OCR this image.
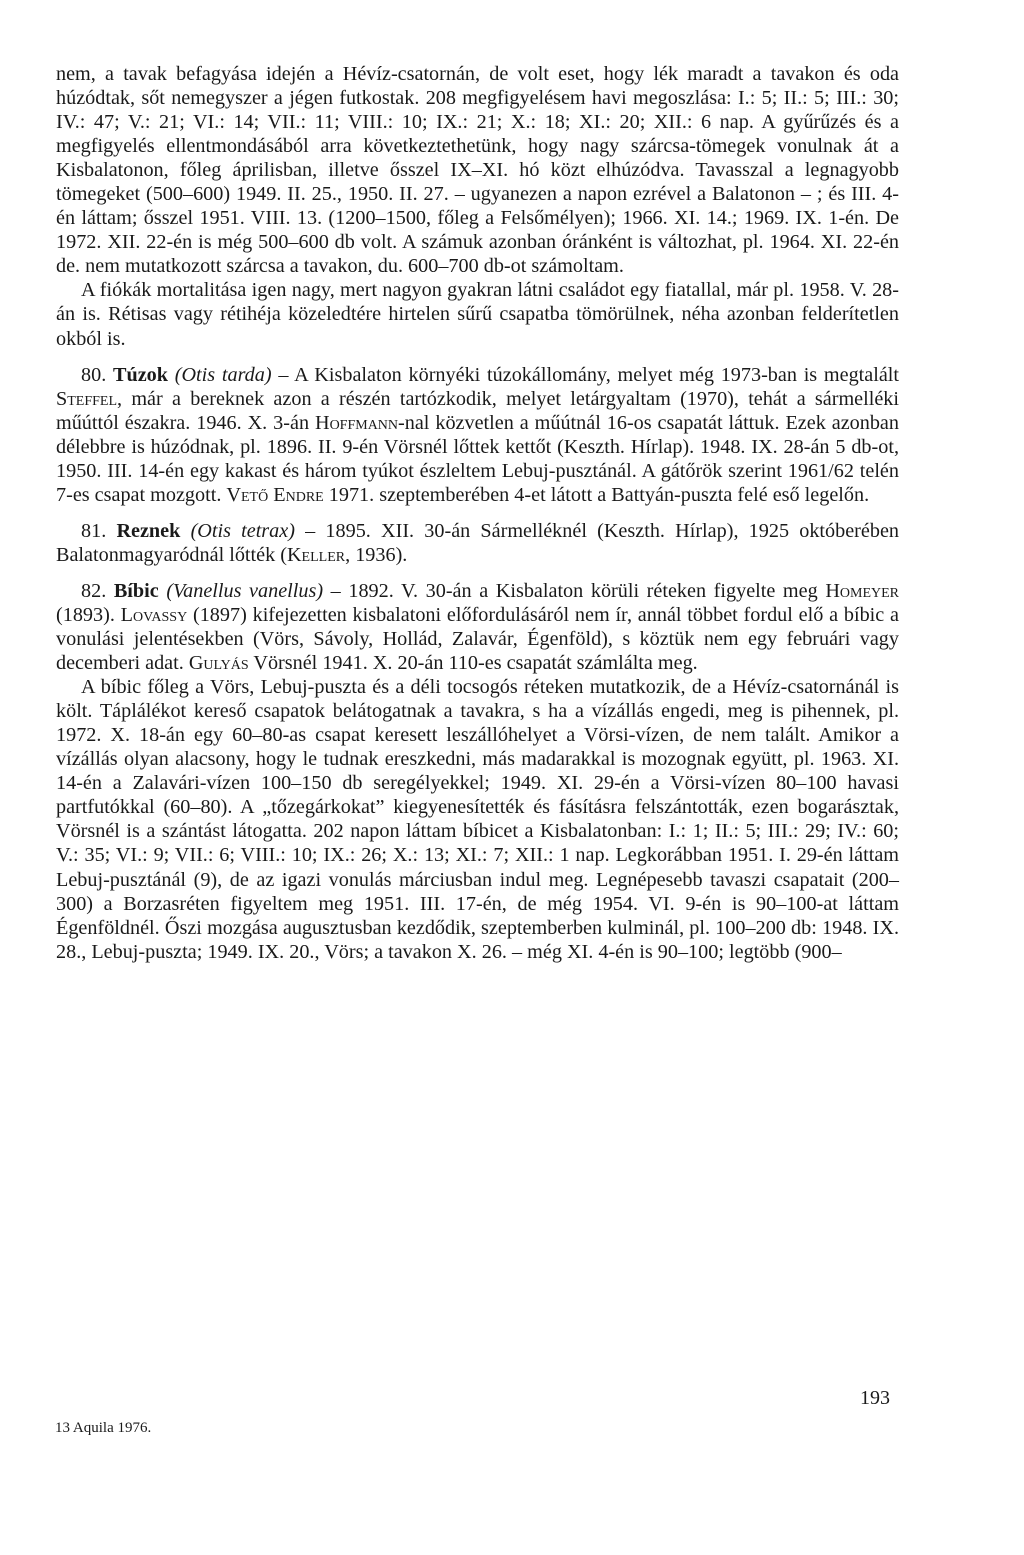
nem, a tavak befagyása idején a Hévíz-csatornán, de volt eset, hogy lék maradt a tavakon és oda húzódtak, sőt nemegyszer a jégen futkostak. 208 megfigyelésem havi megoszlása: I.: 5; II.: 5; III.: 30; IV.: 47; V.: 21; VI.: 14; VII.: 11; VIII.: 10; IX.: 21; X.: 18; XI.: 20; XII.: 6 nap. A gyűrűzés és a megfigyelés ellentmondásából arra következtethetünk, hogy nagy szárcsa-tömegek vonulnak át a Kisbalatonon, főleg áprilisban, illetve ősszel IX–XI. hó közt elhúzódva. Tavasszal a legnagyobb tömegeket (500–600) 1949. II. 25., 1950. II. 27. – ugyanezen a napon ezrével a Balatonon – ; és III. 4-én láttam; ősszel 1951. VIII. 13. (1200–1500, főleg a Felsőmélyen); 1966. XI. 14.; 1969. IX. 1-én. De 1972. XII. 22-én is még 500–600 db volt. A számuk azonban óránként is változhat, pl. 1964. XI. 22-én de. nem mutatkozott szárcsa a tavakon, du. 600–700 db-ot számoltam.

A fiókák mortalitása igen nagy, mert nagyon gyakran látni családot egy fiatallal, már pl. 1958. V. 28-án is. Rétisas vagy rétihéja közeledtére hirtelen sűrű csapatba tömörülnek, néha azonban felderítetlen okból is.

80. Túzok (Otis tarda) – A Kisbalaton környéki túzokállomány, melyet még 1973-ban is megtalált Steffel, már a bereknek azon a részén tartózkodik, melyet letárgyaltam (1970), tehát a sármelléki műúttól északra. 1946. X. 3-án Hoffmann-nal közvetlen a műútnál 16-os csapatát láttuk. Ezek azonban délebbre is húzódnak, pl. 1896. II. 9-én Vörsnél lőttek kettőt (Keszth. Hírlap). 1948. IX. 28-án 5 db-ot, 1950. III. 14-én egy kakast és három tyúkot észleltem Lebuj-pusztánál. A gátőrök szerint 1961/62 telén 7-es csapat mozgott. Vető Endre 1971. szeptemberében 4-et látott a Battyán-puszta felé eső legelőn.

81. Reznek (Otis tetrax) – 1895. XII. 30-án Sármelléknél (Keszth. Hírlap), 1925 októberében Balatonmagyaródnál lőtték (Keller, 1936).

82. Bíbic (Vanellus vanellus) – 1892. V. 30-án a Kisbalaton körüli réteken figyelte meg Homeyer (1893). Lovassy (1897) kifejezetten kisbalatoni előfordulásáról nem ír, annál többet fordul elő a bíbic a vonulási jelentésekben (Vörs, Sávoly, Hollád, Zalavár, Égenföld), s köztük nem egy februári vagy decemberi adat. Gulyás Vörsnél 1941. X. 20-án 110-es csapatát számlálta meg.

A bíbic főleg a Vörs, Lebuj-puszta és a déli tocsogós réteken mutatkozik, de a Hévíz-csatornánál is költ. Táplálékot kereső csapatok belátogatnak a tavakra, s ha a vízállás engedi, meg is pihennek, pl. 1972. X. 18-án egy 60–80-as csapat keresett leszállóhelyet a Vörsi-vízen, de nem talált. Amikor a vízállás olyan alacsony, hogy le tudnak ereszkedni, más madarakkal is mozognak együtt, pl. 1963. XI. 14-én a Zalavári-vízen 100–150 db seregélyekkel; 1949. XI. 29-én a Vörsi-vízen 80–100 havasi partfutókkal (60–80). A „tőzegárkokat” kiegyenesítették és fásításra felszántották, ezen bogarásztak, Vörsnél is a szántást látogatta. 202 napon láttam bíbicet a Kisbalatonban: I.: 1; II.: 5; III.: 29; IV.: 60; V.: 35; VI.: 9; VII.: 6; VIII.: 10; IX.: 26; X.: 13; XI.: 7; XII.: 1 nap. Legkorábban 1951. I. 29-én láttam Lebuj-pusztánál (9), de az igazi vonulás márciusban indul meg. Legnépesebb tavaszi csapatait (200–300) a Borzasréten figyeltem meg 1951. III. 17-én, de még 1954. VI. 9-én is 90–100-at láttam Égenföldnél. Őszi mozgása augusztusban kezdődik, szeptemberben kulminál, pl. 100–200 db: 1948. IX. 28., Lebuj-puszta; 1949. IX. 20., Vörs; a tavakon X. 26. – még XI. 4-én is 90–100; legtöbb (900–

193
13 Aquila 1976.
